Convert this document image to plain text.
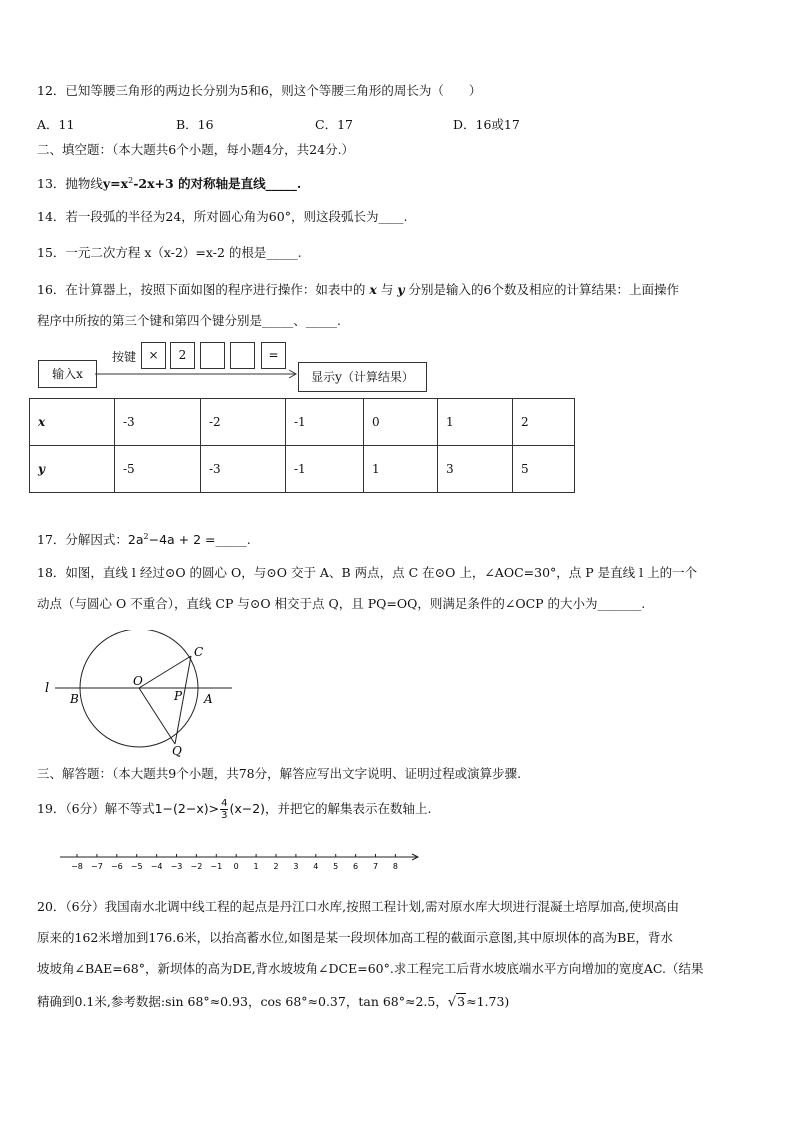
12．已知等腰三角形的两边长分别为5和6，则这个等腰三角形的周长为（　　）
A．11	B．16	C．17	D．16或17
二、填空题：（本大题共6个小题，每小题4分，共24分.）
13．抛物线$y=x^2-2x+3$ 的对称轴是直线_____.
14．若一段弧的半径为24，所对圆心角为60°，则这段弧长为____.
15．一元二次方程 x（x-2）=x-2 的根是_____.
16．在计算器上，按照下面如图的程序进行操作：如表中的 x 与 y 分别是输入的6个数及相应的计算结果：上面操作
程序中所按的第三个键和第四个键分别是_____、_____.
输入x
按键	×	2	=
显示y（计算结果）
x	-3	-2	-1	0	1	2
y	-5	-3	-1	1	3	5
17．分解因式：$2a^2-4a + 2$ =_____.
18．如图，直线 l 经过⊙O 的圆心 O，与⊙O 交于 A、B 两点，点 C 在⊙O 上，∠AOC=30°，点 P 是直线 l 上的一个
动点（与圆心 O 不重合），直线 CP 与⊙O 相交于点 Q，且 PQ=OQ，则满足条件的∠OCP 的大小为_______.
l
B
O
P A
C
Q
三、解答题：（本大题共9个小题，共78分，解答应写出文字说明、证明过程或演算步骤.
19．（6分）解不等式$1-(2-x)> \frac{4}{3} (x-2)$，并把它的解集表示在数轴上.
−8 −7 −6 −5 −4 −3 −2 −1 0 1 2 3 4 5 6 7 8
20．（6分）我国南水北调中线工程的起点是丹江口水库,按照工程计划,需对原水库大坝进行混凝土培厚加高,使坝高由
原来的162米增加到176.6米，以抬高蓄水位,如图是某一段坝体加高工程的截面示意图,其中原坝体的高为BE，背水
坡坡角∠BAE=68°，新坝体的高为DE,背水坡坡角∠DCE=60°.求工程完工后背水坡底端水平方向增加的宽度AC.（结果
精确到0.1米,参考数据:sin 68°≈0.93，cos 68°≈0.37，tan 68°≈2.5，√3≈1.73)
